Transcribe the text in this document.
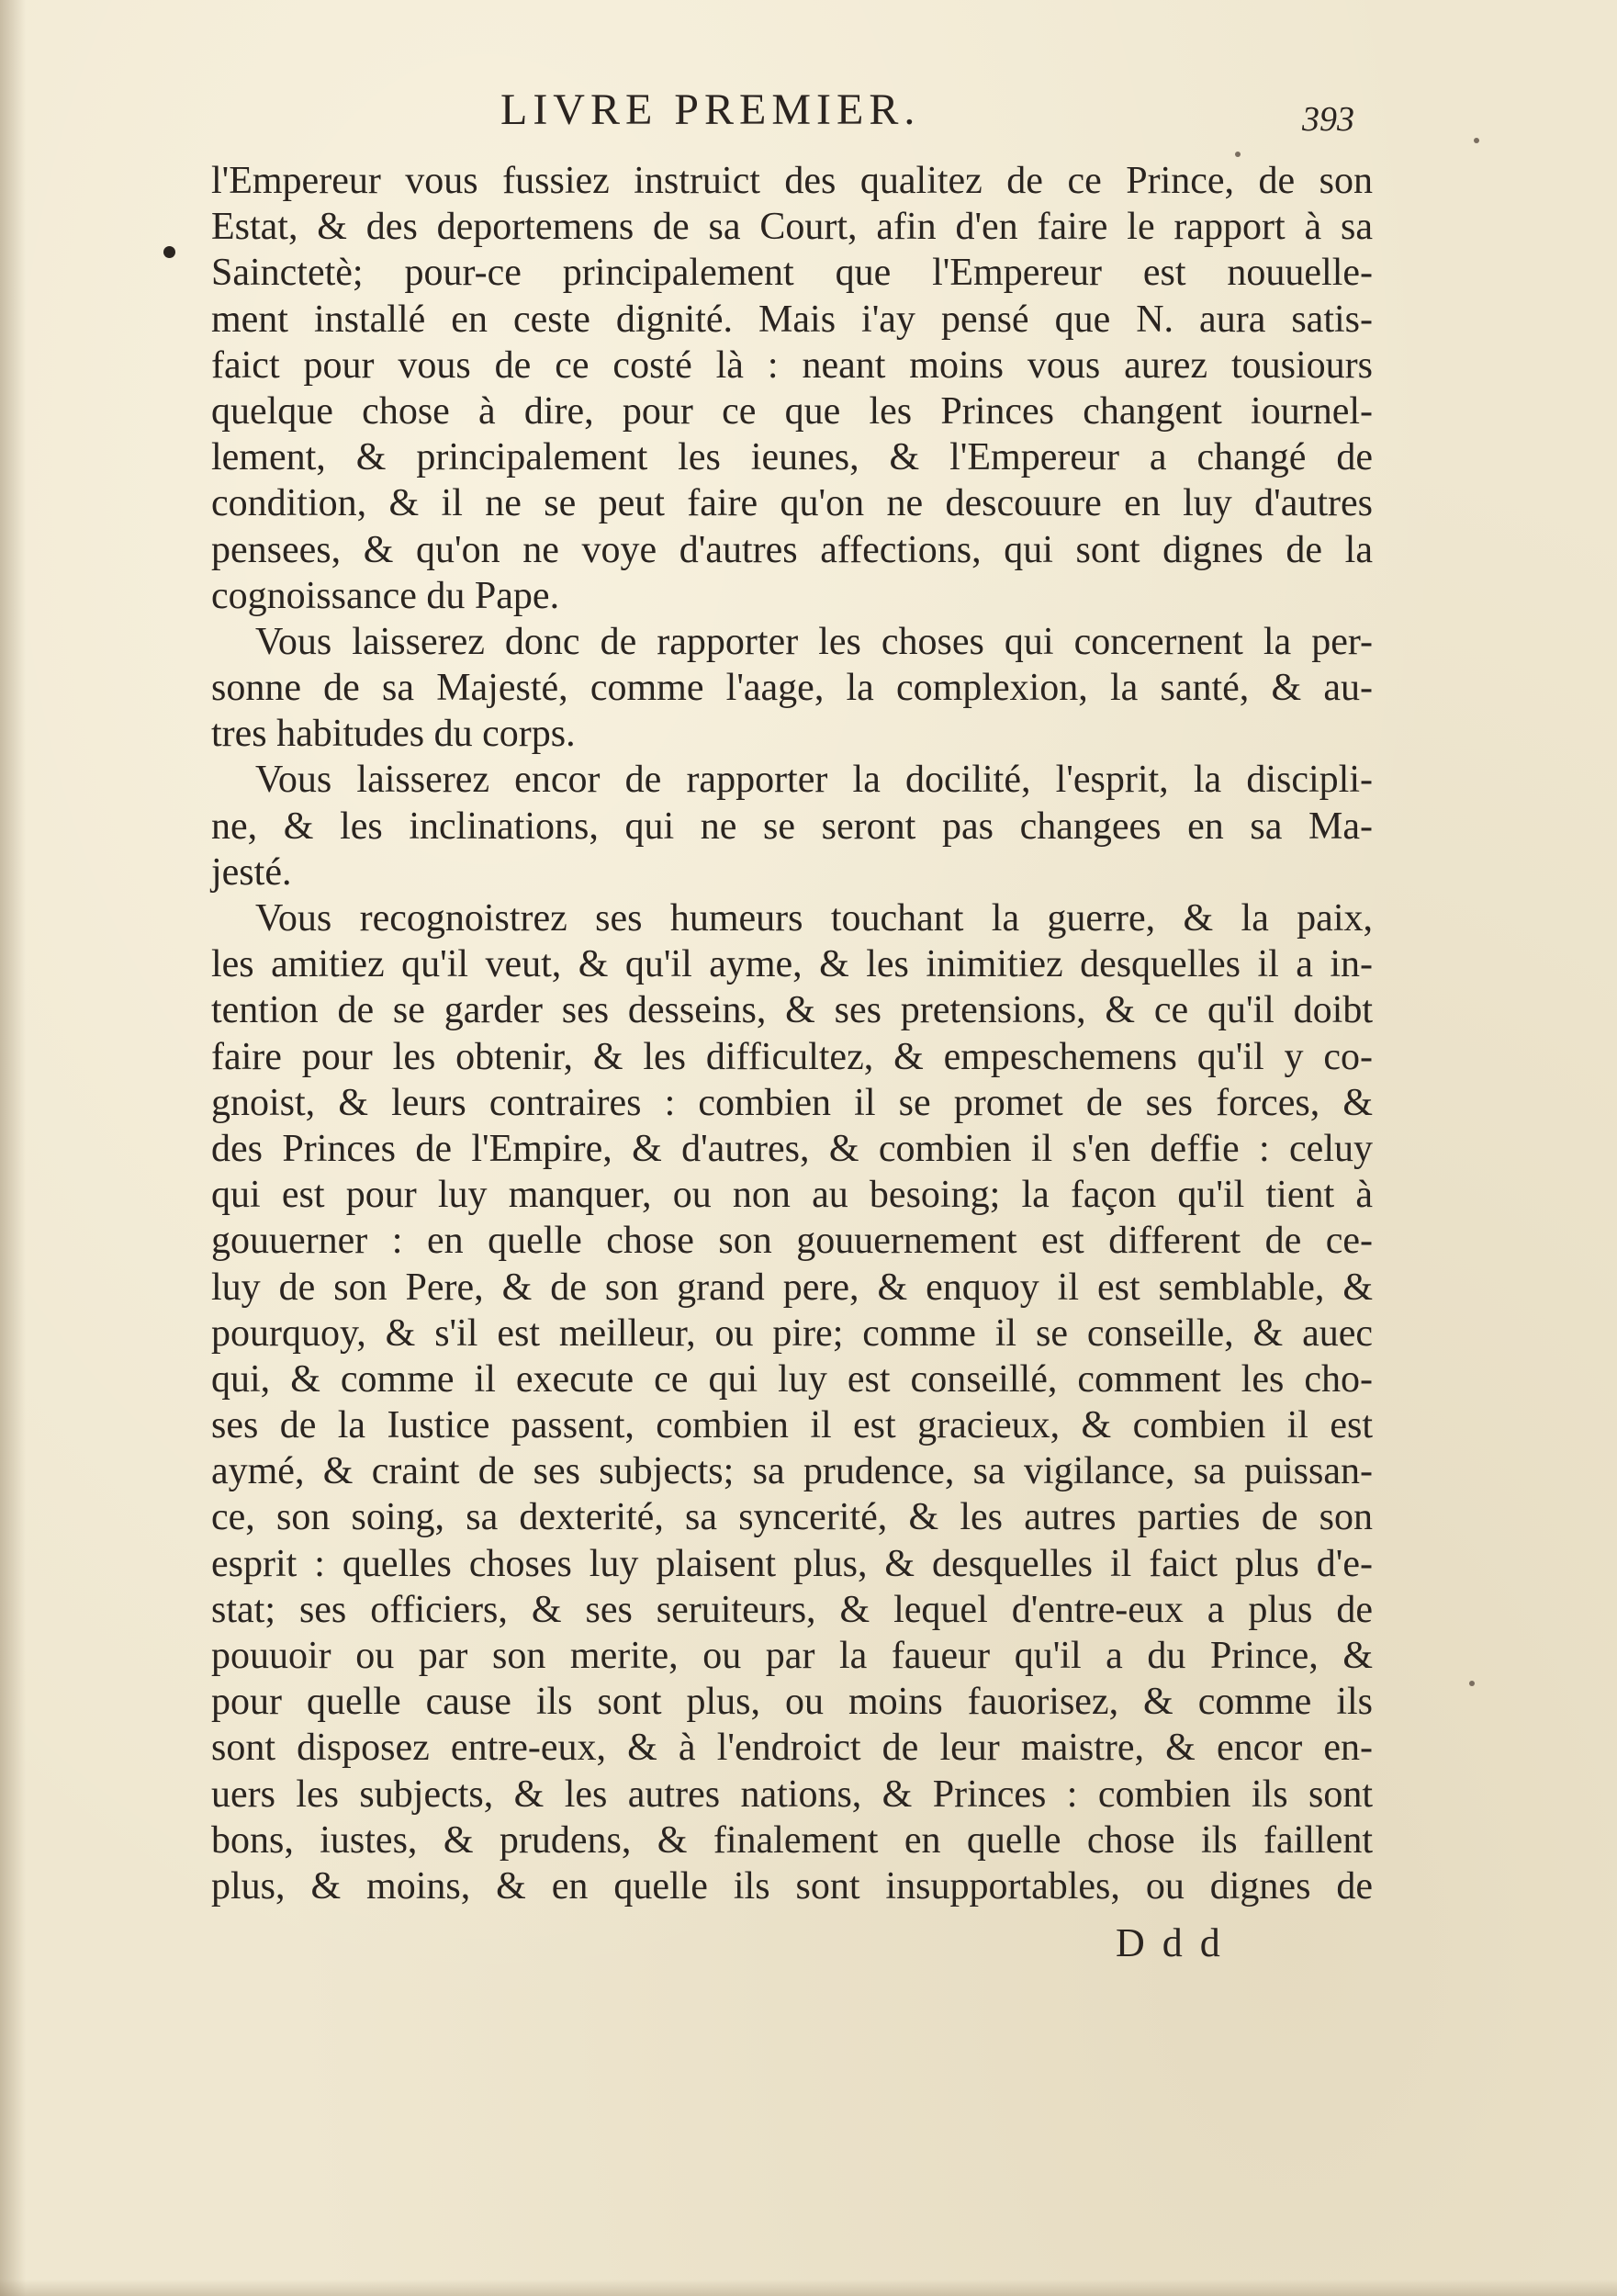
LIVRE PREMIER.	393
l'Empereur vous fussiez instruict des qualitez de ce Prince, de son
Estat, & des deportemens de sa Court, afin d'en faire le rapport à sa
Sainctetè; pour-ce principalement que l'Empereur est nouuelle-
ment installé en ceste dignité. Mais i'ay pensé que N. aura satis-
faict pour vous de ce costé là : neant moins vous aurez tousiours
quelque chose à dire, pour ce que les Princes changent iournel-
lement, & principalement les ieunes, & l'Empereur a changé de
condition, & il ne se peut faire qu'on ne descouure en luy d'autres
pensees, & qu'on ne voye d'autres affections, qui sont dignes de la
cognoissance du Pape.
Vous laisserez donc de rapporter les choses qui concernent la per-
sonne de sa Majesté, comme l'aage, la complexion, la santé, & au-
tres habitudes du corps.
Vous laisserez encor de rapporter la docilité, l'esprit, la discipli-
ne, & les inclinations, qui ne se seront pas changees en sa Ma-
jesté.
Vous recognoistrez ses humeurs touchant la guerre, & la paix,
les amitiez qu'il veut, & qu'il ayme, & les inimitiez desquelles il a in-
tention de se garder ses desseins, & ses pretensions, & ce qu'il doibt
faire pour les obtenir, & les difficultez, & empeschemens qu'il y co-
gnoist, & leurs contraires : combien il se promet de ses forces, &
des Princes de l'Empire, & d'autres, & combien il s'en deffie : celuy
qui est pour luy manquer, ou non au besoing; la façon qu'il tient à
gouuerner : en quelle chose son gouuernement est different de ce-
luy de son Pere, & de son grand pere, & enquoy il est semblable, &
pourquoy, & s'il est meilleur, ou pire; comme il se conseille, & auec
qui, & comme il execute ce qui luy est conseillé, comment les cho-
ses de la Iustice passent, combien il est gracieux, & combien il est
aymé, & craint de ses subjects; sa prudence, sa vigilance, sa puissan-
ce, son soing, sa dexterité, sa syncerité, & les autres parties de son
esprit : quelles choses luy plaisent plus, & desquelles il faict plus d'e-
stat; ses officiers, & ses seruiteurs, & lequel d'entre-eux a plus de
pouuoir ou par son merite, ou par la faueur qu'il a du Prince, &
pour quelle cause ils sont plus, ou moins fauorisez, & comme ils
sont disposez entre-eux, & à l'endroict de leur maistre, & encor en-
uers les subjects, & les autres nations, & Princes : combien ils sont
bons, iustes, & prudens, & finalement en quelle chose ils faillent
plus, & moins, & en quelle ils sont insupportables, ou dignes de
D d d
